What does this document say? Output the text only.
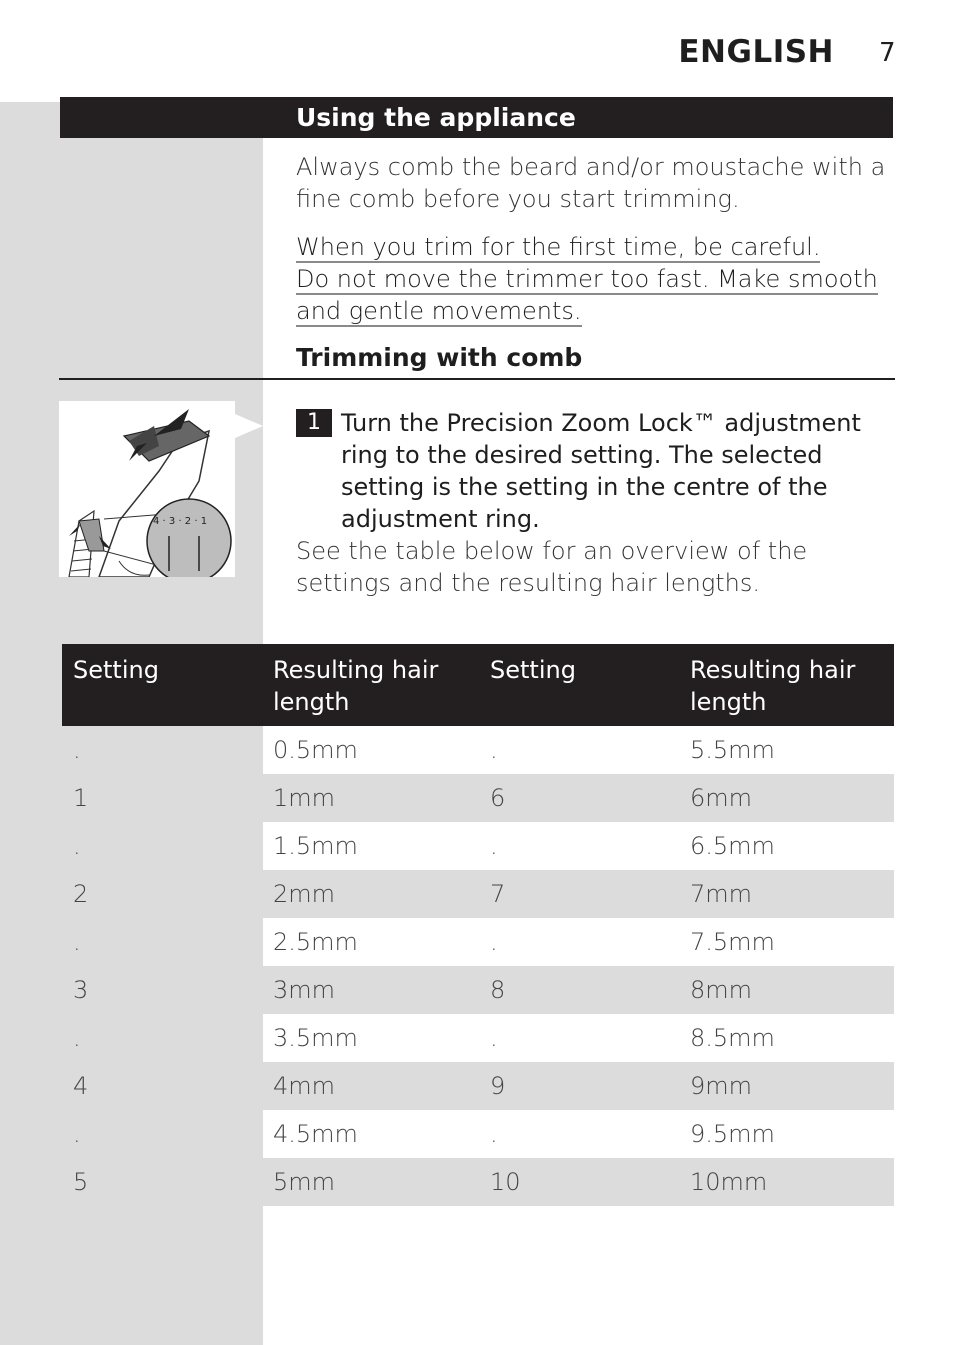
ENGLISH 7
Using the appliance
Always comb the beard and/or moustache with a fine comb before you start trimming.
When you trim for the first time, be careful.
Do not move the trimmer too fast. Make smooth
and gentle movements.
Trimming with comb
4 · 3 · 2 · 1
1 Turn the Precision Zoom Lock™ adjustment ring to the desired setting. The selected setting is the setting in the centre of the adjustment ring.
See the table below for an overview of the settings and the resulting hair lengths.
Setting	Resulting hair length	Setting	Resulting hair length
.	0.5mm	.	5.5mm
1	1mm	6	6mm
.	1.5mm	.	6.5mm
2	2mm	7	7mm
.	2.5mm	.	7.5mm
3	3mm	8	8mm
.	3.5mm	.	8.5mm
4	4mm	9	9mm
.	4.5mm	.	9.5mm
5	5mm	10	10mm
